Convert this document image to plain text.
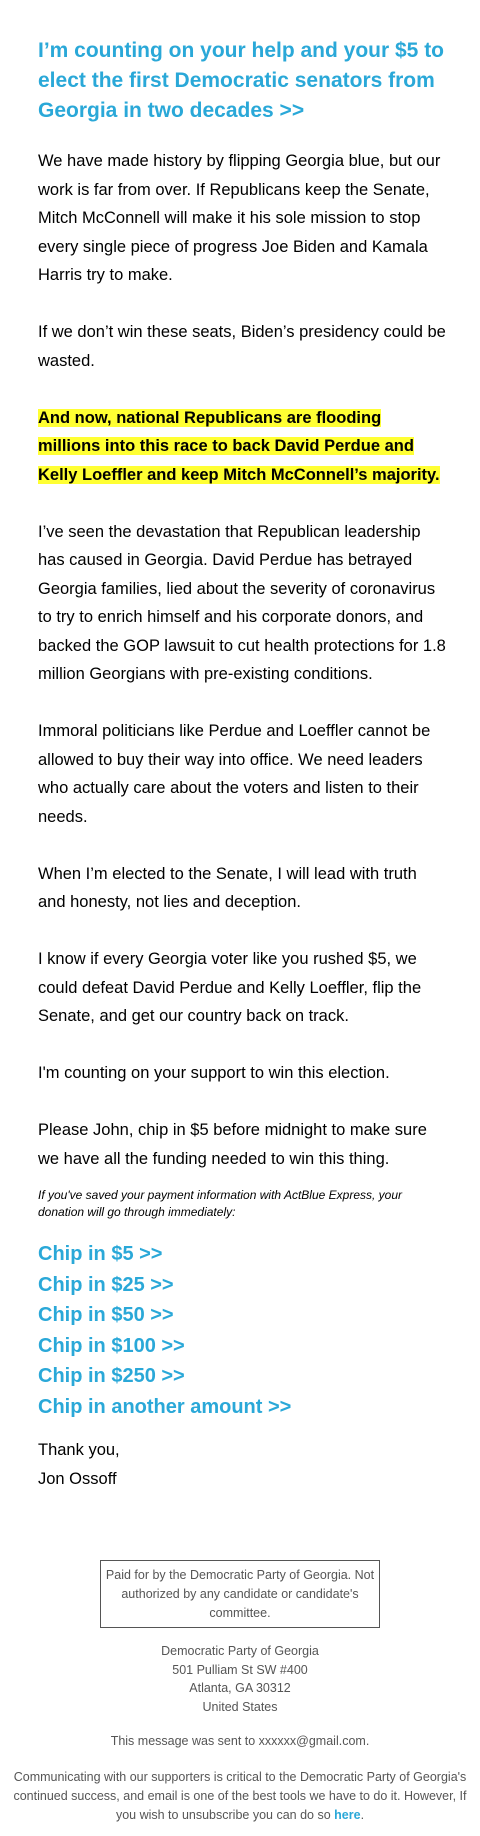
I’m counting on your help and your $5 to elect the first Democratic senators from Georgia in two decades >>

We have made history by flipping Georgia blue, but our work is far from over. If Republicans keep the Senate, Mitch McConnell will make it his sole mission to stop every single piece of progress Joe Biden and Kamala Harris try to make.

If we don’t win these seats, Biden’s presidency could be wasted.

And now, national Republicans are flooding millions into this race to back David Perdue and Kelly Loeffler and keep Mitch McConnell’s majority.

I’ve seen the devastation that Republican leadership has caused in Georgia. David Perdue has betrayed Georgia families, lied about the severity of coronavirus to try to enrich himself and his corporate donors, and backed the GOP lawsuit to cut health protections for 1.8 million Georgians with pre-existing conditions.

Immoral politicians like Perdue and Loeffler cannot be allowed to buy their way into office. We need leaders who actually care about the voters and listen to their needs.

When I’m elected to the Senate, I will lead with truth and honesty, not lies and deception.

I know if every Georgia voter like you rushed $5, we could defeat David Perdue and Kelly Loeffler, flip the Senate, and get our country back on track.

I'm counting on your support to win this election.

Please John, chip in $5 before midnight to make sure we have all the funding needed to win this thing.

If you've saved your payment information with ActBlue Express, your donation will go through immediately:

Chip in $5 >>
Chip in $25 >>
Chip in $50 >>
Chip in $100 >>
Chip in $250 >>
Chip in another amount >>
Thank you,
Jon Ossoff
Paid for by the Democratic Party of Georgia. Not authorized by any candidate or candidate's committee.
Democratic Party of Georgia
501 Pulliam St SW #400
Atlanta, GA 30312
United States
This message was sent to xxxxxx@gmail.com.
Communicating with our supporters is critical to the Democratic Party of Georgia's continued success, and email is one of the best tools we have to do it. However, If you wish to unsubscribe you can do so here.
